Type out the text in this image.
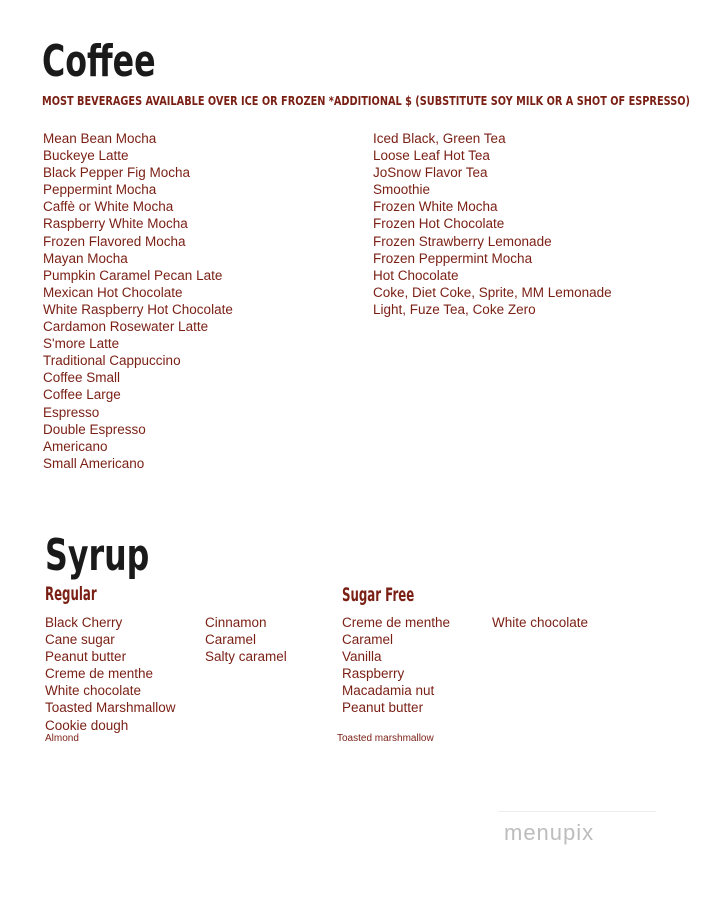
Coffee
MOST BEVERAGES AVAILABLE OVER ICE OR FROZEN *ADDITIONAL $ (SUBSTITUTE SOY MILK OR A SHOT OF ESPRESSO)
Mean Bean Mocha
Buckeye Latte
Black Pepper Fig Mocha
Peppermint Mocha
Caffè or White Mocha
Raspberry White Mocha
Frozen Flavored Mocha
Mayan Mocha
Pumpkin Caramel Pecan Late
Mexican Hot Chocolate
White Raspberry Hot Chocolate
Cardamon Rosewater Latte
S'more Latte
Traditional Cappuccino
Coffee Small
Coffee Large
Espresso
Double Espresso
Americano
Small Americano
Iced Black, Green Tea
Loose Leaf Hot Tea
JoSnow Flavor Tea
Smoothie
Frozen White Mocha
Frozen Hot Chocolate
Frozen Strawberry Lemonade
Frozen Peppermint Mocha
Hot Chocolate
Coke, Diet Coke, Sprite, MM Lemonade
Light, Fuze Tea, Coke Zero
Syrup
Regular
Black Cherry
Cane sugar
Peanut butter
Creme de menthe
White chocolate
Toasted Marshmallow
Cookie dough
Cinnamon
Caramel
Salty caramel
Almond
Sugar Free
Creme de menthe
Caramel
Vanilla
Raspberry
Macadamia nut
Peanut butter
White chocolate
Toasted marshmallow
menupix
